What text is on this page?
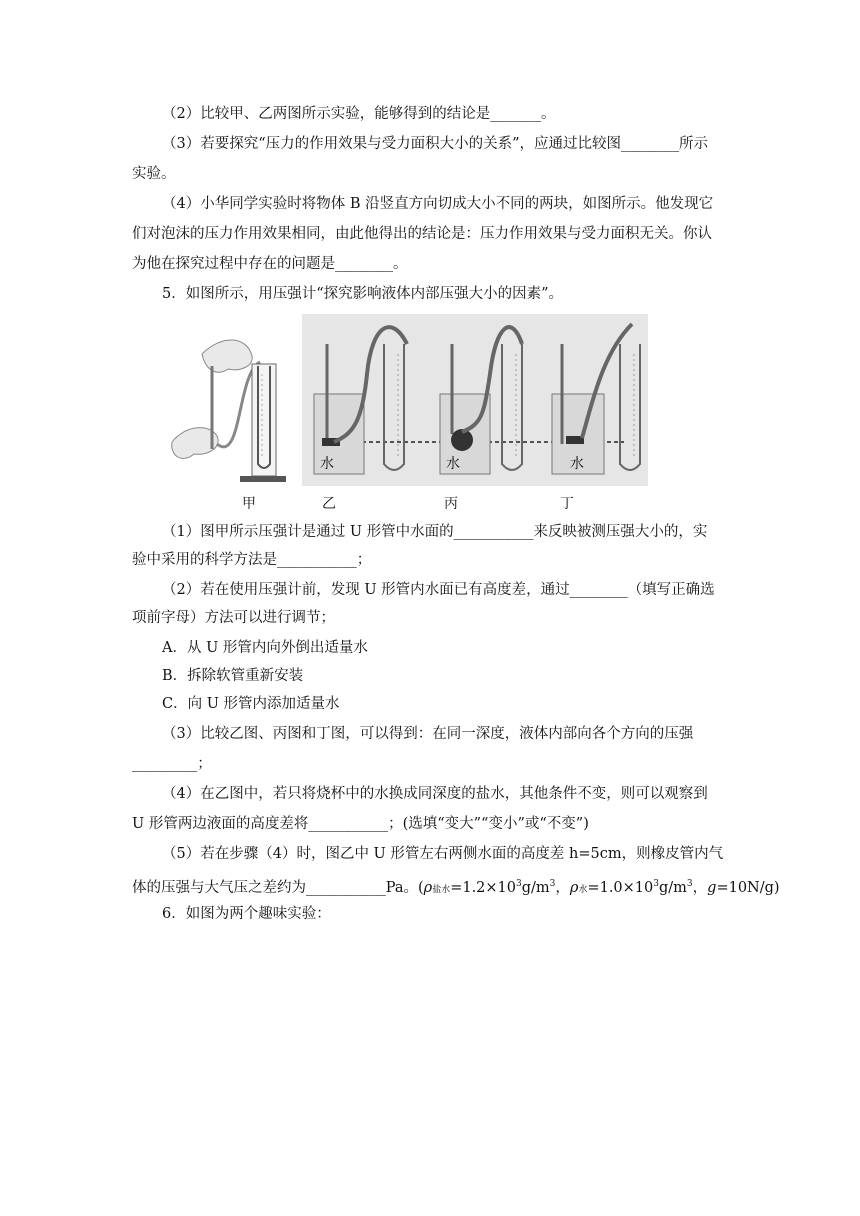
（2）比较甲、乙两图所示实验，能够得到的结论是_______。
（3）若要探究“压力的作用效果与受力面积大小的关系”，应通过比较图________所示
实验。
（4）小华同学实验时将物体 B 沿竖直方向切成大小不同的两块，如图所示。他发现它
们对泡沫的压力作用效果相同，由此他得出的结论是：压力作用效果与受力面积无关。你认
为他在探究过程中存在的问题是________。
5．如图所示，用压强计“探究影响液体内部压强大小的因素”。
水	水	水
甲	乙	丙	丁
（1）图甲所示压强计是通过 U 形管中水面的___________来反映被测压强大小的，实
验中采用的科学方法是___________；
（2）若在使用压强计前，发现 U 形管内水面已有高度差，通过________（填写正确选
项前字母）方法可以进行调节；
A．从 U 形管内向外倒出适量水
B．拆除软管重新安装
C．向 U 形管内添加适量水
（3）比较乙图、丙图和丁图，可以得到：在同一深度，液体内部向各个方向的压强
_________；
（4）在乙图中，若只将烧杯中的水换成同深度的盐水，其他条件不变，则可以观察到
U 形管两边液面的高度差将___________；(选填“变大”“变小”或“不变”)
（5）若在步骤（4）时，图乙中 U 形管左右两侧水面的高度差 h=5cm，则橡皮管内气
体的压强与大气压之差约为___________Pa。(ρ盐水$=1.2\times 10^3g/m^3$，ρ水$=1.0\times 10^3g/m^3$，g=10N/g)
6．如图为两个趣味实验：
